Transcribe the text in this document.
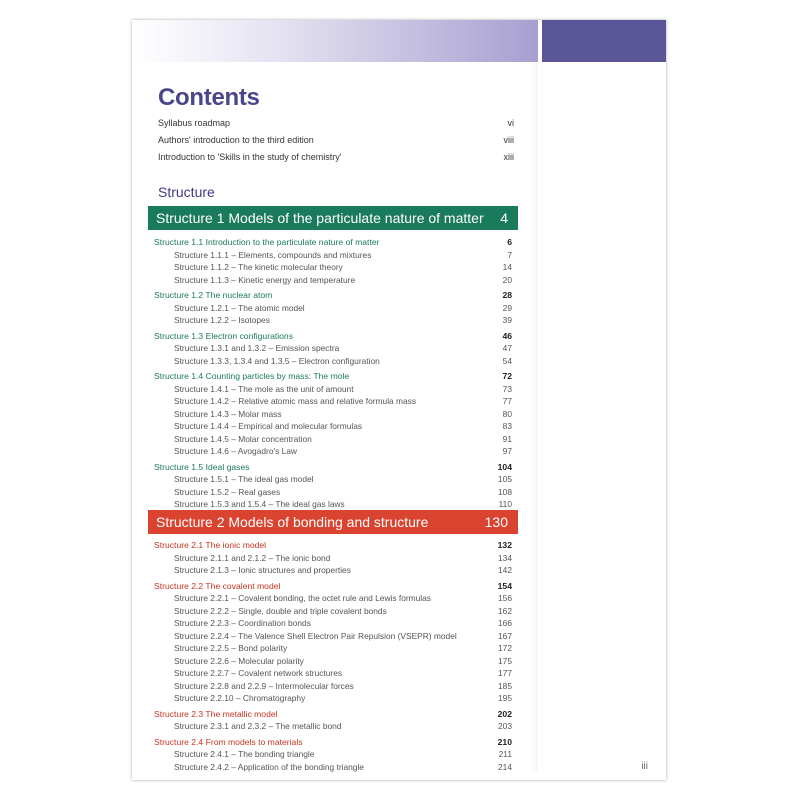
Contents
Syllabus roadmap	vi
Authors' introduction to the third edition	viii
Introduction to 'Skills in the study of chemistry'	xiii
Structure
Structure 1 Models of the particulate nature of matter 4
Structure 1.1 Introduction to the particulate nature of matter	6
Structure 1.1.1 – Elements, compounds and mixtures	7
Structure 1.1.2 – The kinetic molecular theory	14
Structure 1.1.3 – Kinetic energy and temperature	20
Structure 1.2 The nuclear atom	28
Structure 1.2.1 – The atomic model	29
Structure 1.2.2 – Isotopes	39
Structure 1.3 Electron configurations	46
Structure 1.3.1 and 1.3.2 – Emission spectra	47
Structure 1.3.3, 1.3.4 and 1.3.5 – Electron configuration	54
Structure 1.4 Counting particles by mass: The mole	72
Structure 1.4.1 – The mole as the unit of amount	73
Structure 1.4.2 – Relative atomic mass and relative formula mass	77
Structure 1.4.3 – Molar mass	80
Structure 1.4.4 – Empirical and molecular formulas	83
Structure 1.4.5 – Molar concentration	91
Structure 1.4.6 – Avogadro's Law	97
Structure 1.5 Ideal gases	104
Structure 1.5.1 – The ideal gas model	105
Structure 1.5.2 – Real gases	108
Structure 1.5.3 and 1.5.4 – The ideal gas laws	110
Structure 2 Models of bonding and structure	130
Structure 2.1 The ionic model	132
Structure 2.1.1 and 2.1.2 – The ionic bond	134
Structure 2.1.3 – Ionic structures and properties	142
Structure 2.2 The covalent model	154
Structure 2.2.1 – Covalent bonding, the octet rule and Lewis formulas	156
Structure 2.2.2 – Single, double and triple covalent bonds	162
Structure 2.2.3 – Coordination bonds	166
Structure 2.2.4 – The Valence Shell Electron Pair Repulsion (VSEPR) model	167
Structure 2.2.5 – Bond polarity	172
Structure 2.2.6 – Molecular polarity	175
Structure 2.2.7 – Covalent network structures	177
Structure 2.2.8 and 2.2.9 – Intermolecular forces	185
Structure 2.2.10 – Chromatography	195
Structure 2.3 The metallic model	202
Structure 2.3.1 and 2.3.2 – The metallic bond	203
Structure 2.4 From models to materials	210
Structure 2.4.1 – The bonding triangle	211
Structure 2.4.2 – Application of the bonding triangle	214	iii
